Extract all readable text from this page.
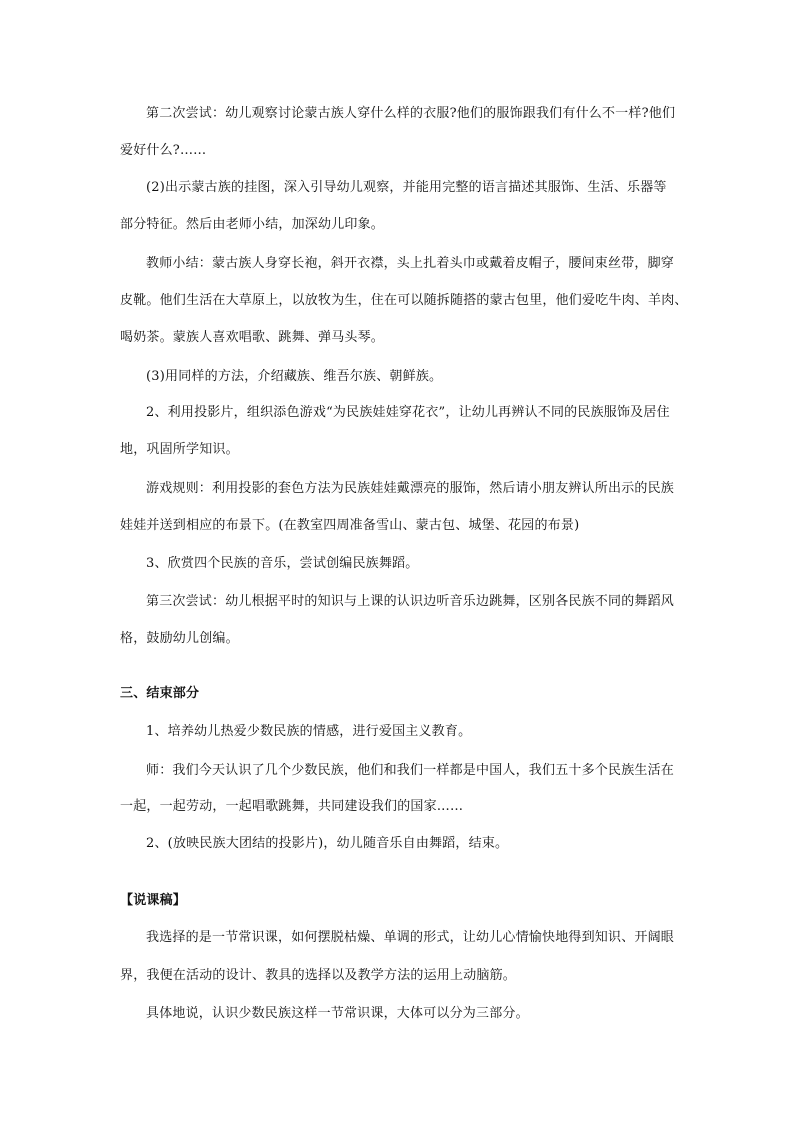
第二次尝试：幼儿观察讨论蒙古族人穿什么样的衣服?他们的服饰跟我们有什么不一样?他们
爱好什么?……
(2)出示蒙古族的挂图，深入引导幼儿观察，并能用完整的语言描述其服饰、生活、乐器等
部分特征。然后由老师小结，加深幼儿印象。
教师小结：蒙古族人身穿长袍，斜开衣襟，头上扎着头巾或戴着皮帽子，腰间束丝带，脚穿
皮靴。他们生活在大草原上，以放牧为生，住在可以随拆随搭的蒙古包里，他们爱吃牛肉、羊肉、
喝奶茶。蒙族人喜欢唱歌、跳舞、弹马头琴。
(3)用同样的方法，介绍藏族、维吾尔族、朝鲜族。
2、利用投影片，组织添色游戏“为民族娃娃穿花衣”，让幼儿再辨认不同的民族服饰及居住
地，巩固所学知识。
游戏规则：利用投影的套色方法为民族娃娃戴漂亮的服饰，然后请小朋友辨认所出示的民族
娃娃并送到相应的布景下。(在教室四周准备雪山、蒙古包、城堡、花园的布景)
3、欣赏四个民族的音乐，尝试创编民族舞蹈。
第三次尝试：幼儿根据平时的知识与上课的认识边听音乐边跳舞，区别各民族不同的舞蹈风
格，鼓励幼儿创编。
三、结束部分
1、培养幼儿热爱少数民族的情感，进行爱国主义教育。
师：我们今天认识了几个少数民族，他们和我们一样都是中国人，我们五十多个民族生活在
一起，一起劳动，一起唱歌跳舞，共同建设我们的国家……
2、(放映民族大团结的投影片)，幼儿随音乐自由舞蹈，结束。
【说课稿】
我选择的是一节常识课，如何摆脱枯燥、单调的形式，让幼儿心情愉快地得到知识、开阔眼
界，我便在活动的设计、教具的选择以及教学方法的运用上动脑筋。
具体地说，认识少数民族这样一节常识课，大体可以分为三部分。
